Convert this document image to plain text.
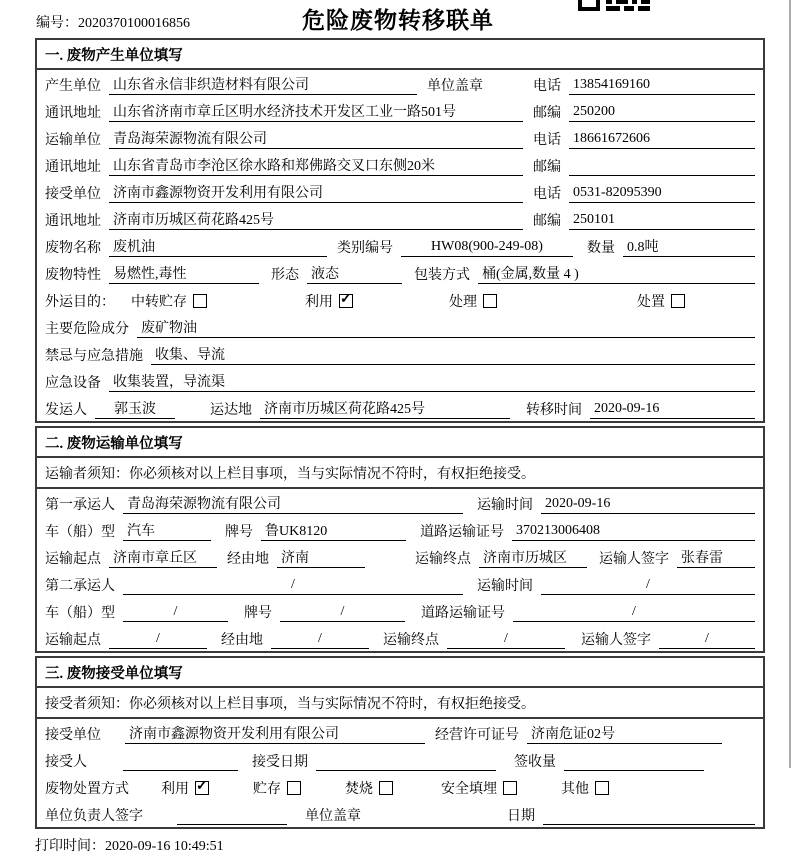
编号：2020370100016856	危险废物转移联单
一. 废物产生单位填写
产生单位 山东省永信非织造材料有限公司	单位盖章	电话 13854169160
通讯地址 山东省济南市章丘区明水经济技术开发区工业一路501号	邮编 250200
运输单位 青岛海荣源物流有限公司	电话 18661672606
通讯地址 山东省青岛市李沧区徐水路和郑佛路交叉口东侧20米	邮编
接受单位 济南市鑫源物资开发利用有限公司	电话 0531-82095390
通讯地址 济南市历城区荷花路425号	邮编 250101
废物名称 废机油	类别编号	HW08(900-249-08)	数量 0.8吨
废物特性 易燃性,毒性	形态 液态	包装方式 桶(金属,数量 4 )
外运目的： 中转贮存	利用 ✓	处理	处置
主要危险成分 废矿物油
禁忌与应急措施 收集、导流
应急设备 收集装置，导流渠
发运人	郭玉波	运达地 济南市历城区荷花路425号	转移时间 2020-09-16
二. 废物运输单位填写
运输者须知：你必须核对以上栏目事项，当与实际情况不符时，有权拒绝接受。
第一承运人 青岛海荣源物流有限公司	运输时间 2020-09-16
车（船）型 汽车	牌号 鲁UK8120	道路运输证号 370213006408
运输起点 济南市章丘区	经由地 济南	运输终点 济南市历城区	运输人签字 张春雷
第二承运人	/	运输时间	/
车（船）型	/	牌号	/	道路运输证号	/
运输起点	/	经由地	/	运输终点	/	运输人签字	/
三. 废物接受单位填写
接受者须知：你必须核对以上栏目事项，当与实际情况不符时，有权拒绝接受。
接受单位 济南市鑫源物资开发利用有限公司	经营许可证号 济南危证02号
接受人	接受日期	签收量
废物处置方式 利用 ✓	贮存	焚烧	安全填埋	其他
单位负责人签字	单位盖章	日期
打印时间：2020-09-16 10:49:51
